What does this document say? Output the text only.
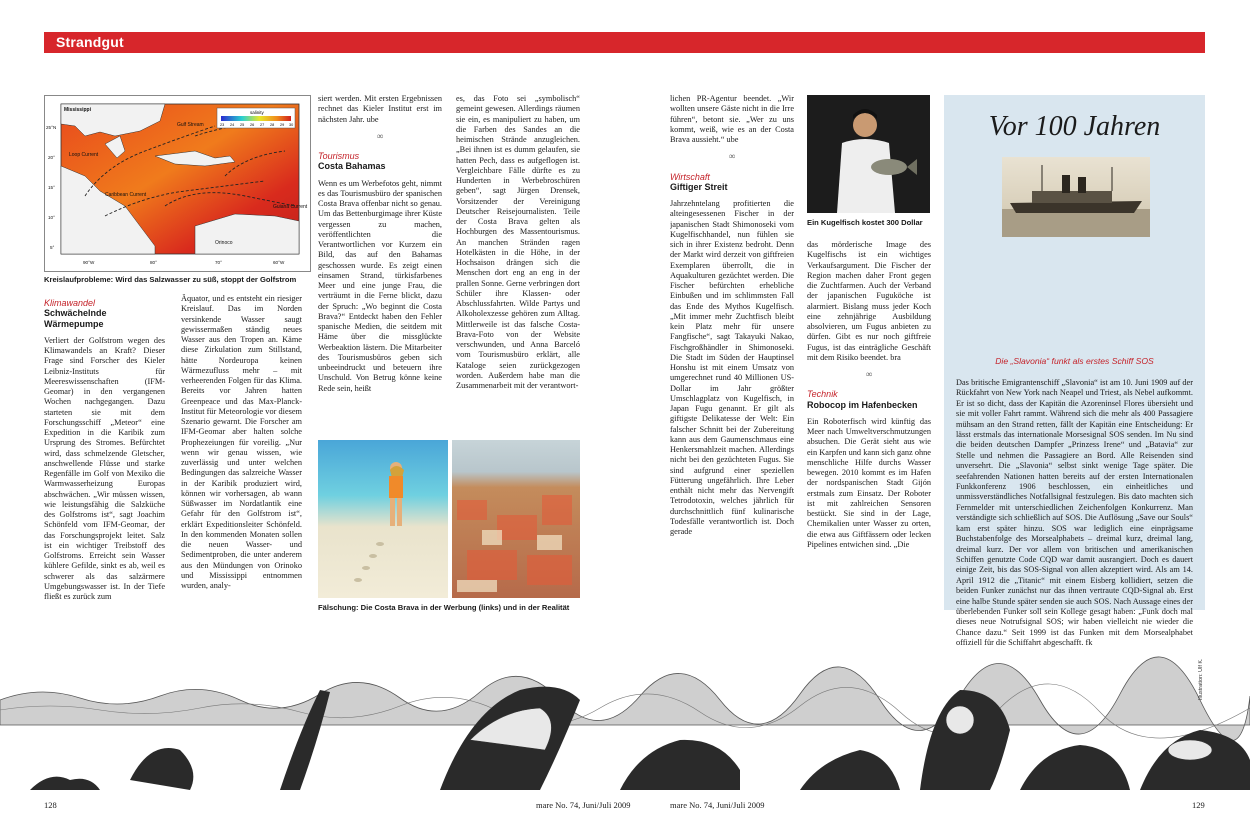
Strandgut
salinity
23 24 25 26 27 28 29 30
Mississippi
Gulf Stream
Loop Current
Caribbean Current
Guiana Current
Orinoco
25°N
20°
15°
10°
5°
90°W	80°	70°	60°W
Kreislaufprobleme: Wird das Salzwasser zu süß, stoppt der Golfstrom
Klimawandel
Schwächelnde Wärmepumpe

Verliert der Golfstrom wegen des Klimawandels an Kraft? Dieser Frage sind Forscher des Kieler Leibniz-Instituts für Meereswissenschaften (IFM-Geomar) in den vergangenen Wochen nachgegangen. Dazu starteten sie mit dem Forschungsschiff „Meteor“ eine Expedition in die Karibik zum Ursprung des Stromes. Befürchtet wird, dass schmelzende Gletscher, anschwellende Flüsse und starke Regenfälle im Golf von Mexiko die Warmwasserheizung Europas abschwächen. „Wir müssen wissen, wie leistungsfähig die Salzküche des Golfstroms ist“, sagt Joachim Schönfeld vom IFM-Geomar, der das Forschungsprojekt leitet. Salz ist ein wichtiger Treibstoff des Golfstroms. Erreicht sein Wasser kühlere Gefilde, sinkt es ab, weil es schwerer als das salzärmere Umgebungswasser ist. In der Tiefe fließt es zurück zum

Äquator, und es entsteht ein riesiger Kreislauf. Das im Norden versinkende Wasser saugt gewissermaßen ständig neues Wasser aus den Tropen an. Käme diese Zirkulation zum Stillstand, hätte Nordeuropa keinen Wärmezufluss mehr – mit verheerenden Folgen für das Klima. Bereits vor Jahren hatten Greenpeace und das Max-Planck-Institut für Meteorologie vor diesem Szenario gewarnt. Die Forscher am IFM-Geomar aber halten solche Prophezeiungen für voreilig. „Nur wenn wir genau wissen, wie zuverlässig und unter welchen Bedingungen das salzreiche Wasser in der Karibik produziert wird, können wir vorhersagen, ab wann Süßwasser im Nordatlantik eine Gefahr für den Golfstrom ist“, erklärt Expeditionsleiter Schönfeld. In den kommenden Monaten sollen die neuen Wasser- und Sedimentproben, die unter anderem aus den Mündungen von Orinoko und Mississippi entnommen wurden, analy-

siert werden. Mit ersten Ergebnissen rechnet das Kieler Institut erst im nächsten Jahr. ube

∞
Tourismus
Costa Bahamas

Wenn es um Werbefotos geht, nimmt es das Tourismusbüro der spanischen Costa Brava offenbar nicht so genau. Um das Bettenburgimage ihrer Küste vergessen zu machen, veröffentlichten die Verantwortlichen vor Kurzem ein Bild, das auf den Bahamas geschossen wurde. Es zeigt einen einsamen Strand, türkisfarbenes Meer und eine junge Frau, die verträumt in die Ferne blickt, dazu der Spruch: „Wo beginnt die Costa Brava?“ Entdeckt haben den Fehler spanische Medien, die seitdem mit Häme über die missglückte Werbeaktion lästern. Die Mitarbeiter des Tourismusbüros geben sich unbeeindruckt und beteuern ihre Unschuld. Von Betrug könne keine Rede sein, heißt

es, das Foto sei „symbolisch“ gemeint gewesen. Allerdings räumen sie ein, es manipuliert zu haben, um die Farben des Sandes an die heimischen Strände anzugleichen. „Bei ihnen ist es dumm gelaufen, sie hatten Pech, dass es aufgeflogen ist. Vergleichbare Fälle dürfte es zu Hunderten in Werbebroschüren geben“, sagt Jürgen Drensek, Vorsitzender der Vereinigung Deutscher Reisejournalisten. Teile der Costa Brava gelten als Hochburgen des Massentourismus. An manchen Stränden ragen Hotelkästen in die Höhe, in der Hochsaison drängen sich die Menschen dort eng an eng in der prallen Sonne. Gerne verbringen dort Schüler ihre Klassen- oder Abschlussfahrten. Wilde Partys und Alkoholexzesse gehören zum Alltag. Mittlerweile ist das falsche Costa-Brava-Foto von der Website verschwunden, und Anna Barceló vom Tourismusbüro erklärt, alle Kataloge seien zurückgezogen worden. Außerdem habe man die Zusammenarbeit mit der verantwort-

Fälschung: Die Costa Brava in der Werbung (links) und in der Realität

lichen PR-Agentur beendet. „Wir wollten unsere Gäste nicht in die Irre führen“, betont sie. „Wer zu uns kommt, weiß, wie es an der Costa Brava aussieht.“ ube

∞
Wirtschaft
Giftiger Streit

Jahrzehntelang profitierten die alteingesessenen Fischer in der japanischen Stadt Shimonoseki vom Kugelfischhandel, nun fühlen sie sich in ihrer Existenz bedroht. Denn der Markt wird derzeit von giftfreien Exemplaren überrollt, die in Aquakulturen gezüchtet werden. Die Fischer befürchten erhebliche Einbußen und im schlimmsten Fall das Ende des Mythos Kugelfisch. „Mit immer mehr Zuchtfisch bleibt kein Platz mehr für unsere Fangfische“, sagt Takayuki Nakao, Fischgroßhändler in Shimonoseki. Die Stadt im Süden der Hauptinsel Honshu ist mit einem Umsatz von umgerechnet rund 40 Millionen US-Dollar im Jahr größter Umschlagplatz von Kugelfisch, in Japan Fugu genannt. Er gilt als giftigste Delikatesse der Welt: Ein falscher Schnitt bei der Zubereitung kann aus dem Gaumenschmaus eine Henkersmahlzeit machen. Allerdings nicht bei den gezüchteten Fugus. Sie sind aufgrund einer speziellen Fütterung ungefährlich. Ihre Leber enthält nicht mehr das Nervengift Tetrodotoxin, welches jährlich für durchschnittlich fünf kulinarische Todesfälle verantwortlich ist. Doch gerade

Ein Kugelfisch kostet 300 Dollar

das mörderische Image des Kugelfischs ist ein wichtiges Verkaufsargument. Die Fischer der Region machen daher Front gegen die Zuchtfarmen. Auch der Verband der japanischen Fuguköche ist alarmiert. Bislang muss jeder Koch eine zehnjährige Ausbildung absolvieren, um Fugus anbieten zu dürfen. Gibt es nur noch giftfreie Fugus, ist das einträgliche Geschäft mit dem Risiko beendet. bra

∞
Technik
Robocop im Hafenbecken

Ein Roboterfisch wird künftig das Meer nach Umweltverschmutzungen absuchen. Die Gerät sieht aus wie ein Karpfen und kann sich ganz ohne menschliche Hilfe durchs Wasser bewegen. 2010 kommt es im Hafen der nordspanischen Stadt Gijón erstmals zum Einsatz. Der Roboter ist mit zahlreichen Sensoren bestückt. Sie sind in der Lage, Chemikalien unter Wasser zu orten, die etwa aus Giftfässern oder lecken Pipelines entwichen sind. „Die

Vor 100 Jahren
Die „Slavonia“ funkt als erstes Schiff SOS
Das britische Emigrantenschiff „Slavonia“ ist am 10. Juni 1909 auf der Rückfahrt von New York nach Neapel und Triest, als Nebel aufkommt. Er ist so dicht, dass der Kapitän die Azoreninsel Flores übersieht und sie mit voller Fahrt rammt. Während sich die mehr als 400 Passagiere mühsam an den Strand retten, fällt der Kapitän eine Entscheidung: Er lässt erstmals das internationale Morsesignal SOS senden. Im Nu sind die beiden deutschen Dampfer „Prinzess Irene“ und „Batavia“ zur Stelle und nehmen die Passagiere an Bord. Alle Reisenden sind unversehrt. Die „Slavonia“ selbst sinkt wenige Tage später. Die seefahrenden Nationen hatten bereits auf der ersten Internationalen Funkkonferenz 1906 beschlossen, ein einheitliches und unmissverständliches Notfallsignal festzulegen. Bis dato machten sich Fernmelder mit unterschiedlichen Zeichenfolgen Konkurrenz. Man verständigte sich schließlich auf SOS. Die Auflösung „Save our Souls“ kam erst später hinzu. SOS war lediglich eine einprägsame Buchstabenfolge des Morsealphabets – dreimal kurz, dreimal lang, dreimal kurz. Der vor allem von britischen und amerikanischen Schiffen genutzte Code CQD war damit ausrangiert. Doch es dauert einige Zeit, bis das SOS-Signal von allen akzeptiert wird. Als am 14. April 1912 die „Titanic“ mit einem Eisberg kollidiert, setzen die beiden Funker zunächst nur das ihnen vertraute CQD-Signal ab. Erst eine halbe Stunde später senden sie auch SOS. Nach Aussage eines der überlebenden Funker soll sein Kollege gesagt haben: „Funk doch mal dieses neue Notrufsignal SOS; wir haben vielleicht nie wieder die Chance dazu.“ Seit 1999 ist das Funken mit dem Morsealphabet offiziell für die Schiffahrt abgeschafft. fk
Illustration: Ulf K.
128	mare No. 74, Juni/Juli 2009	mare No. 74, Juni/Juli 2009	129
